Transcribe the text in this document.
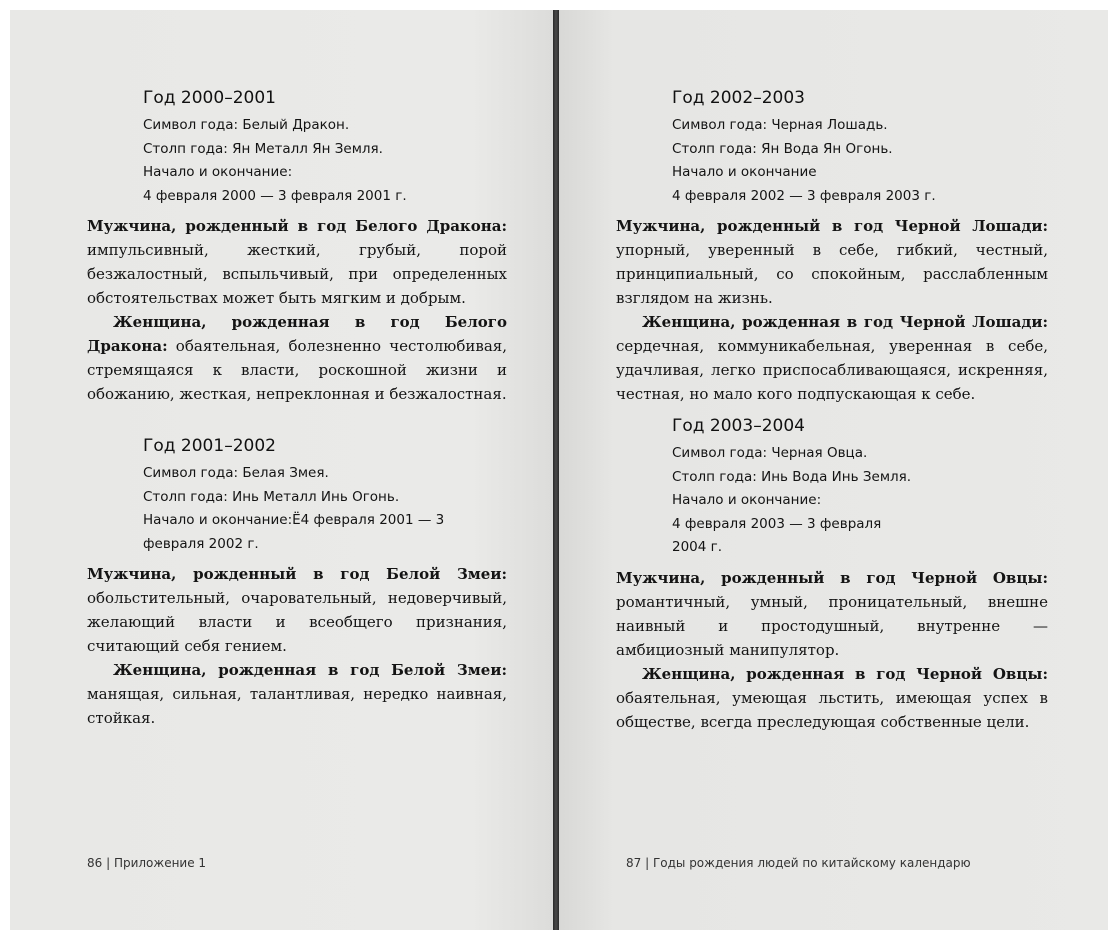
Год 2000–2001
Символ года: Белый Дракон.
Столп года: Ян Металл Ян Земля.
Начало и окончание:
4 февраля 2000 — 3 февраля 2001 г.

Мужчина, рожденный в год Белого Дракона: импульсивный, жесткий, грубый, порой безжалостный, вспыльчивый, при определенных обстоятельствах может быть мягким и добрым.

Женщина, рожденная в год Белого Дракона: обаятельная, болезненно честолюбивая, стремящаяся к власти, роскошной жизни и обожанию, жесткая, непреклонная и безжалостная.

Год 2001–2002
Символ года: Белая Змея.
Столп года: Инь Металл Инь Огонь.
Начало и окончание:Ё4 февраля 2001 — 3 февраля 2002 г.

Мужчина, рожденный в год Белой Змеи: обольстительный, очаровательный, недоверчивый, желающий власти и всеобщего признания, считающий себя гением.

Женщина, рожденная в год Белой Змеи: манящая, сильная, талантливая, нередко наивная, стойкая.

86 | Приложение 1
Год 2002–2003
Символ года: Черная Лошадь.
Столп года: Ян Вода Ян Огонь.
Начало и окончание
4 февраля 2002 — 3 февраля 2003 г.

Мужчина, рожденный в год Черной Лошади: упорный, уверенный в себе, гибкий, честный, принципиальный, со спокойным, расслабленным взглядом на жизнь.

Женщина, рожденная в год Черной Лошади: сердечная, коммуникабельная, уверенная в себе, удачливая, легко приспосабливающаяся, искренняя, честная, но мало кого подпускающая к себе.

Год 2003–2004
Символ года: Черная Овца.
Столп года: Инь Вода Инь Земля.
Начало и окончание:
4 февраля 2003 — 3 февраля 2004 г.

Мужчина, рожденный в год Черной Овцы: романтичный, умный, проницательный, внешне наивный и простодушный, внутренне — амбициозный манипулятор.

Женщина, рожденная в год Черной Овцы: обаятельная, умеющая льстить, имеющая успех в обществе, всегда преследующая собственные цели.

87 | Годы рождения людей по китайскому календарю
